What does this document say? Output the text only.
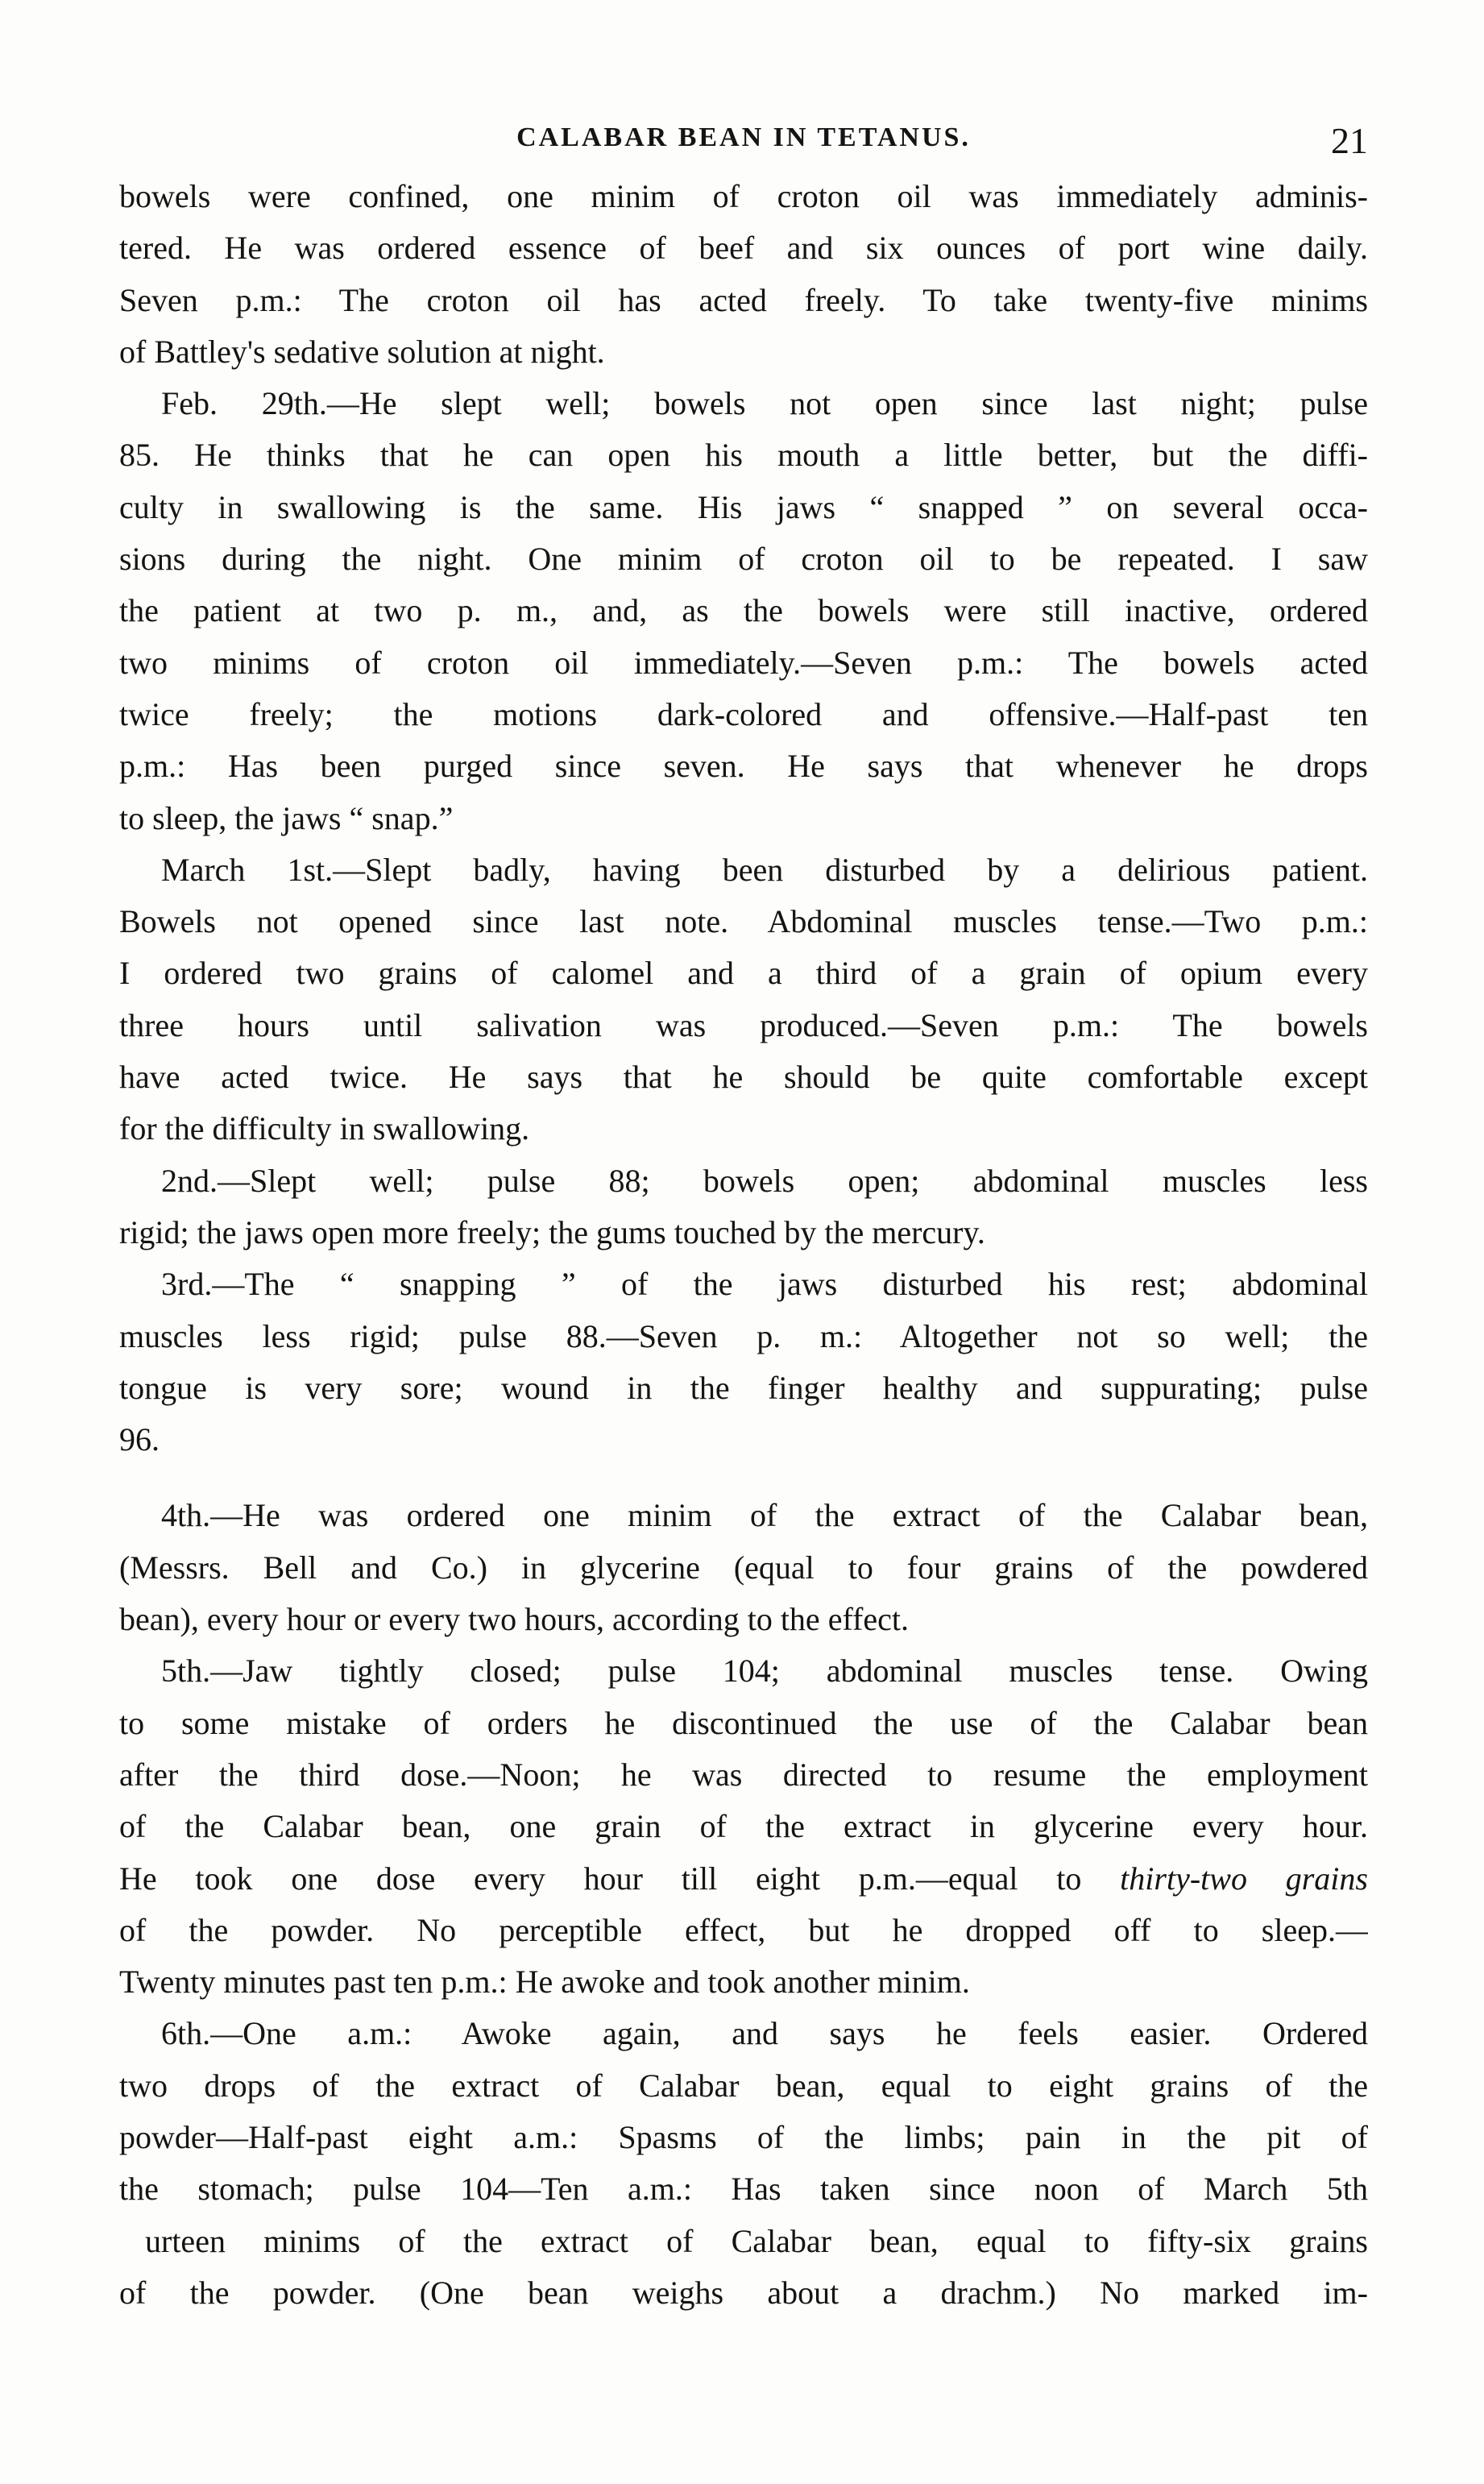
CALABAR BEAN IN TETANUS.	21
bowels were confined, one minim of croton oil was immediately adminis-
tered. He was ordered essence of beef and six ounces of port wine daily.
Seven p.m.: The croton oil has acted freely. To take twenty-five minims
of Battley's sedative solution at night.
Feb. 29th.—He slept well; bowels not open since last night; pulse
85. He thinks that he can open his mouth a little better, but the diffi-
culty in swallowing is the same. His jaws “ snapped ” on several occa-
sions during the night. One minim of croton oil to be repeated. I saw
the patient at two p. m., and, as the bowels were still inactive, ordered
two minims of croton oil immediately.—Seven p.m.: The bowels acted
twice freely; the motions dark-colored and offensive.—Half-past ten
p.m.: Has been purged since seven. He says that whenever he drops
to sleep, the jaws “ snap.”
March 1st.—Slept badly, having been disturbed by a delirious patient.
Bowels not opened since last note. Abdominal muscles tense.—Two p.m.:
I ordered two grains of calomel and a third of a grain of opium every
three hours until salivation was produced.—Seven p.m.: The bowels
have acted twice. He says that he should be quite comfortable except
for the difficulty in swallowing.
2nd.—Slept well; pulse 88; bowels open; abdominal muscles less
rigid; the jaws open more freely; the gums touched by the mercury.
3rd.—The “ snapping ” of the jaws disturbed his rest; abdominal
muscles less rigid; pulse 88.—Seven p. m.: Altogether not so well; the
tongue is very sore; wound in the finger healthy and suppurating; pulse
96.
4th.—He was ordered one minim of the extract of the Calabar bean,
(Messrs. Bell and Co.) in glycerine (equal to four grains of the powdered
bean), every hour or every two hours, according to the effect.
5th.—Jaw tightly closed; pulse 104; abdominal muscles tense. Owing
to some mistake of orders he discontinued the use of the Calabar bean
after the third dose.—Noon; he was directed to resume the employment
of the Calabar bean, one grain of the extract in glycerine every hour.
He took one dose every hour till eight p.m.—equal to thirty-two grains
of the powder. No perceptible effect, but he dropped off to sleep.—
Twenty minutes past ten p.m.: He awoke and took another minim.
6th.—One a.m.: Awoke again, and says he feels easier. Ordered
two drops of the extract of Calabar bean, equal to eight grains of the
powder—Half-past eight a.m.: Spasms of the limbs; pain in the pit of
the stomach; pulse 104—Ten a.m.: Has taken since noon of March 5th
urteen minims of the extract of Calabar bean, equal to fifty-six grains
of the powder. (One bean weighs about a drachm.) No marked im-
